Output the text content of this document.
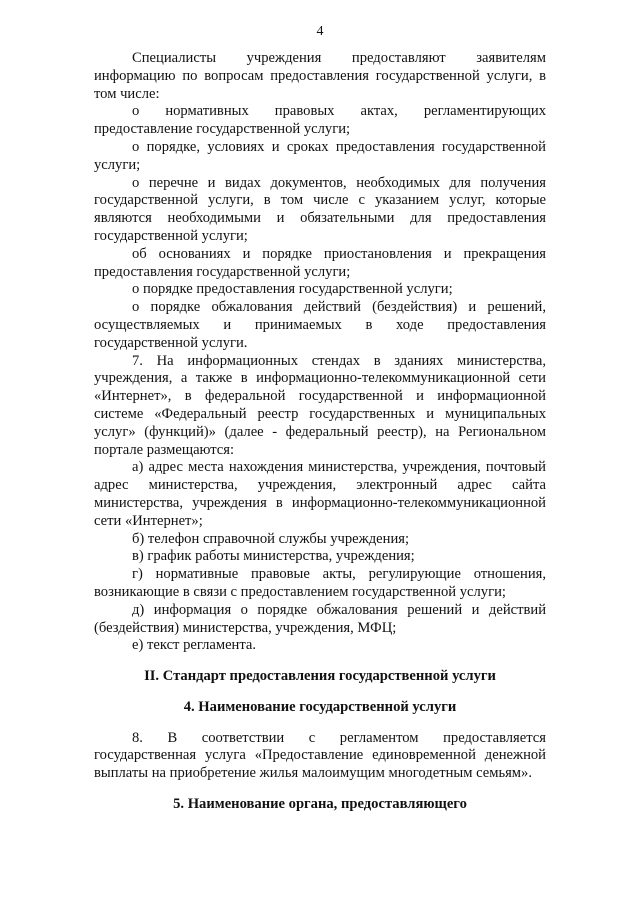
4

Специалисты учреждения предоставляют заявителям информацию по вопросам предоставления государственной услуги, в том числе:

о нормативных правовых актах, регламентирующих предоставление государственной услуги;

о порядке, условиях и сроках предоставления государственной услуги;

о перечне и видах документов, необходимых для получения государственной услуги, в том числе с указанием услуг, которые являются необходимыми и обязательными для предоставления государственной услуги;

об основаниях и порядке приостановления и прекращения предоставления государственной услуги;

о порядке предоставления государственной услуги;

о порядке обжалования действий (бездействия) и решений, осуществляемых и принимаемых в ходе предоставления государственной услуги.

7. На информационных стендах в зданиях министерства, учреждения, а также в информационно-телекоммуникационной сети «Интернет», в федеральной государственной и информационной системе «Федеральный реестр государственных и муниципальных услуг» (функций)» (далее - федеральный реестр), на Региональном портале размещаются:

а) адрес места нахождения министерства, учреждения, почтовый адрес министерства, учреждения, электронный адрес сайта министерства, учреждения в информационно-телекоммуникационной сети «Интернет»;

б) телефон справочной службы учреждения;

в) график работы министерства, учреждения;

г) нормативные правовые акты, регулирующие отношения, возникающие в связи с предоставлением государственной услуги;

д) информация о порядке обжалования решений и действий (бездействия) министерства, учреждения, МФЦ;

е) текст регламента.

II. Стандарт предоставления государственной услуги
4. Наименование государственной услуги

8. В соответствии с регламентом предоставляется государственная услуга «Предоставление единовременной денежной выплаты на приобретение жилья малоимущим многодетным семьям».

5. Наименование органа, предоставляющего
